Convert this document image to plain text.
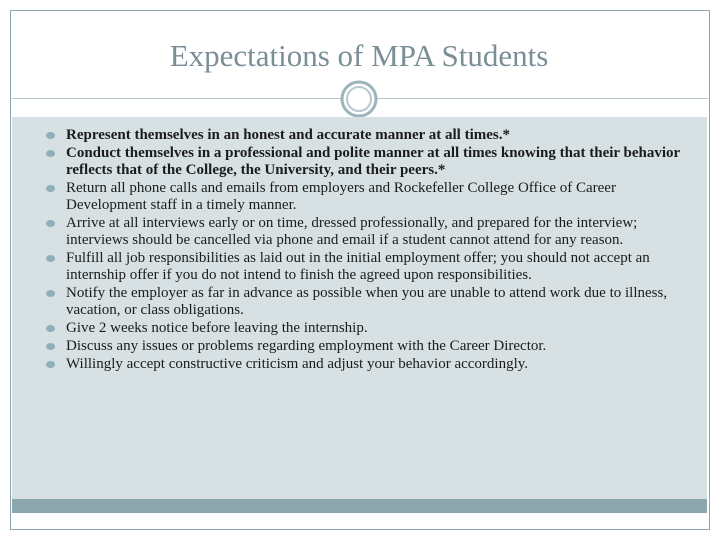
Expectations of MPA Students
Represent themselves in an honest and accurate manner at all times.*
Conduct themselves in a professional and polite manner at all times knowing that their behavior reflects that of the College, the University, and their peers.*
Return all phone calls and emails from employers and Rockefeller College Office of Career Development staff in a timely manner.
Arrive at all interviews early or on time, dressed professionally, and prepared for the interview; interviews should be cancelled via phone and email if a student cannot attend for any reason.
Fulfill all job responsibilities as laid out in the initial employment offer; you should not accept an internship offer if you do not intend to finish the agreed upon responsibilities.
Notify the employer as far in advance as possible when you are unable to attend work due to illness, vacation, or class obligations.
Give 2 weeks notice before leaving the internship.
Discuss any issues or problems regarding employment with the Career Director.
Willingly accept constructive criticism and adjust your behavior accordingly.
